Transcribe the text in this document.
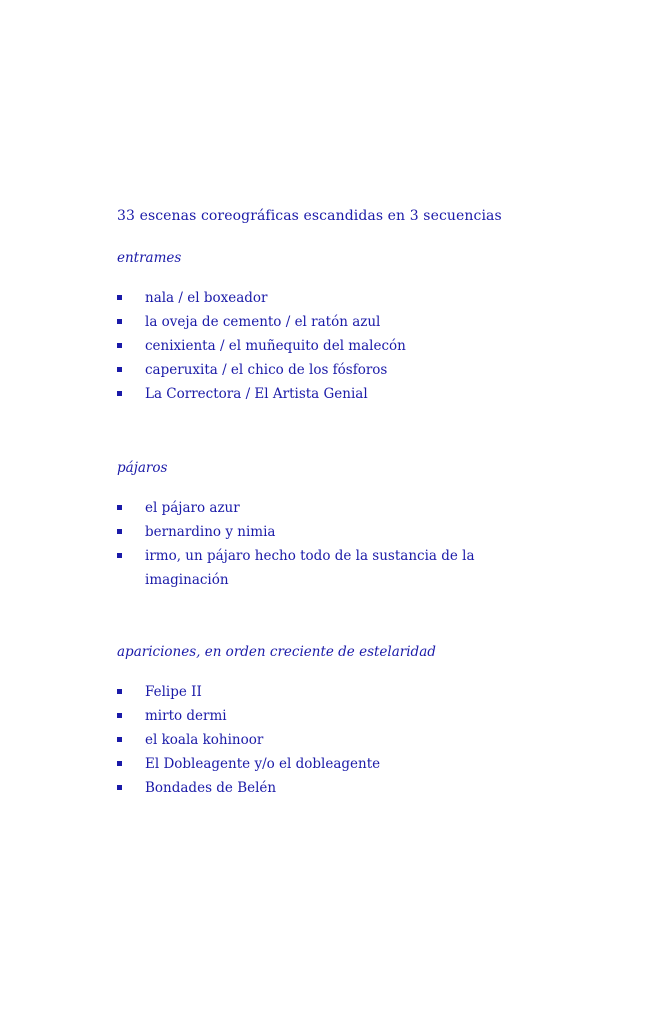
33 escenas coreográficas escandidas en 3 secuencias
entrames
nala / el boxeador
la oveja de cemento / el ratón azul
cenixienta / el muñequito del malecón
caperuxita / el chico de los fósforos
La Correctora / El Artista Genial
pájaros
el pájaro azur
bernardino y nimia
irmo, un pájaro hecho todo de la sustancia de la
imaginación
apariciones, en orden creciente de estelaridad
Felipe II
mirto dermi
el koala kohinoor
El Dobleagente y/o el dobleagente
Bondades de Belén
